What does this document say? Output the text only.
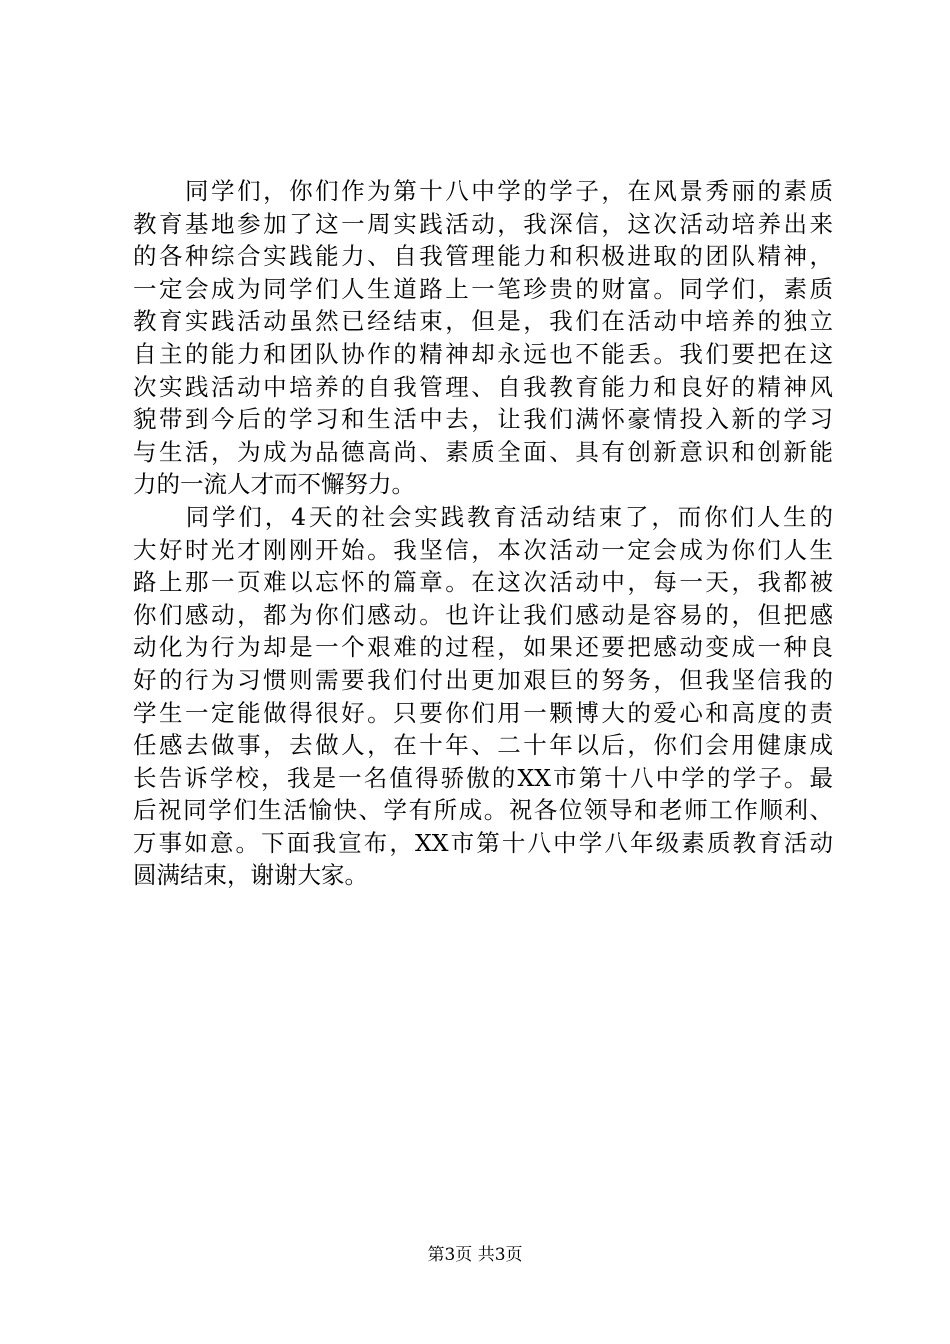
　　同学们，你们作为第十八中学的学子，在风景秀丽的素质
教育基地参加了这一周实践活动，我深信，这次活动培养出来
的各种综合实践能力、自我管理能力和积极进取的团队精神，
一定会成为同学们人生道路上一笔珍贵的财富。同学们，素质
教育实践活动虽然已经结束，但是，我们在活动中培养的独立
自主的能力和团队协作的精神却永远也不能丢。我们要把在这
次实践活动中培养的自我管理、自我教育能力和良好的精神风
貌带到今后的学习和生活中去，让我们满怀豪情投入新的学习
与生活，为成为品德高尚、素质全面、具有创新意识和创新能
力的一流人才而不懈努力。
　　同学们，4天的社会实践教育活动结束了，而你们人生的
大好时光才刚刚开始。我坚信，本次活动一定会成为你们人生
路上那一页难以忘怀的篇章。在这次活动中，每一天，我都被
你们感动，都为你们感动。也许让我们感动是容易的，但把感
动化为行为却是一个艰难的过程，如果还要把感动变成一种良
好的行为习惯则需要我们付出更加艰巨的努务，但我坚信我的
学生一定能做得很好。只要你们用一颗博大的爱心和高度的责
任感去做事，去做人，在十年、二十年以后，你们会用健康成
长告诉学校，我是一名值得骄傲的XX市第十八中学的学子。最
后祝同学们生活愉快、学有所成。祝各位领导和老师工作顺利、
万事如意。下面我宣布，XX市第十八中学八年级素质教育活动
圆满结束，谢谢大家。
第3页 共3页
